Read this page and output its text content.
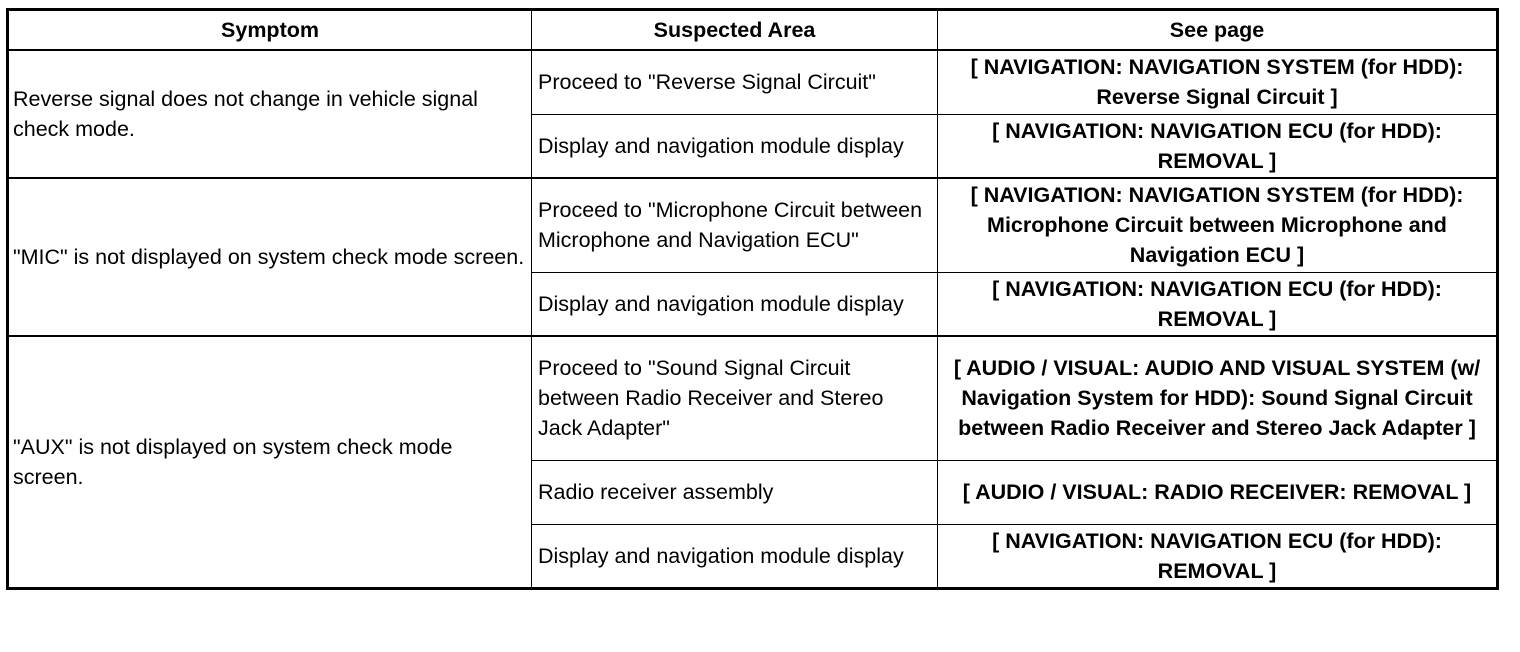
Symptom	Suspected Area	See page
Reverse signal does not change in vehicle signal check mode.	Proceed to "Reverse Signal Circuit"	[ NAVIGATION: NAVIGATION SYSTEM (for HDD): Reverse Signal Circuit ]
	Display and navigation module display	[ NAVIGATION: NAVIGATION ECU (for HDD): REMOVAL ]
"MIC" is not displayed on system check mode screen.	Proceed to "Microphone Circuit between Microphone and Navigation ECU"	[ NAVIGATION: NAVIGATION SYSTEM (for HDD): Microphone Circuit between Microphone and Navigation ECU ]
	Display and navigation module display	[ NAVIGATION: NAVIGATION ECU (for HDD): REMOVAL ]
"AUX" is not displayed on system check mode screen.	Proceed to "Sound Signal Circuit between Radio Receiver and Stereo Jack Adapter"	[ AUDIO / VISUAL: AUDIO AND VISUAL SYSTEM (w/ Navigation System for HDD): Sound Signal Circuit between Radio Receiver and Stereo Jack Adapter ]
	Radio receiver assembly	[ AUDIO / VISUAL: RADIO RECEIVER: REMOVAL ]
	Display and navigation module display	[ NAVIGATION: NAVIGATION ECU (for HDD): REMOVAL ]
